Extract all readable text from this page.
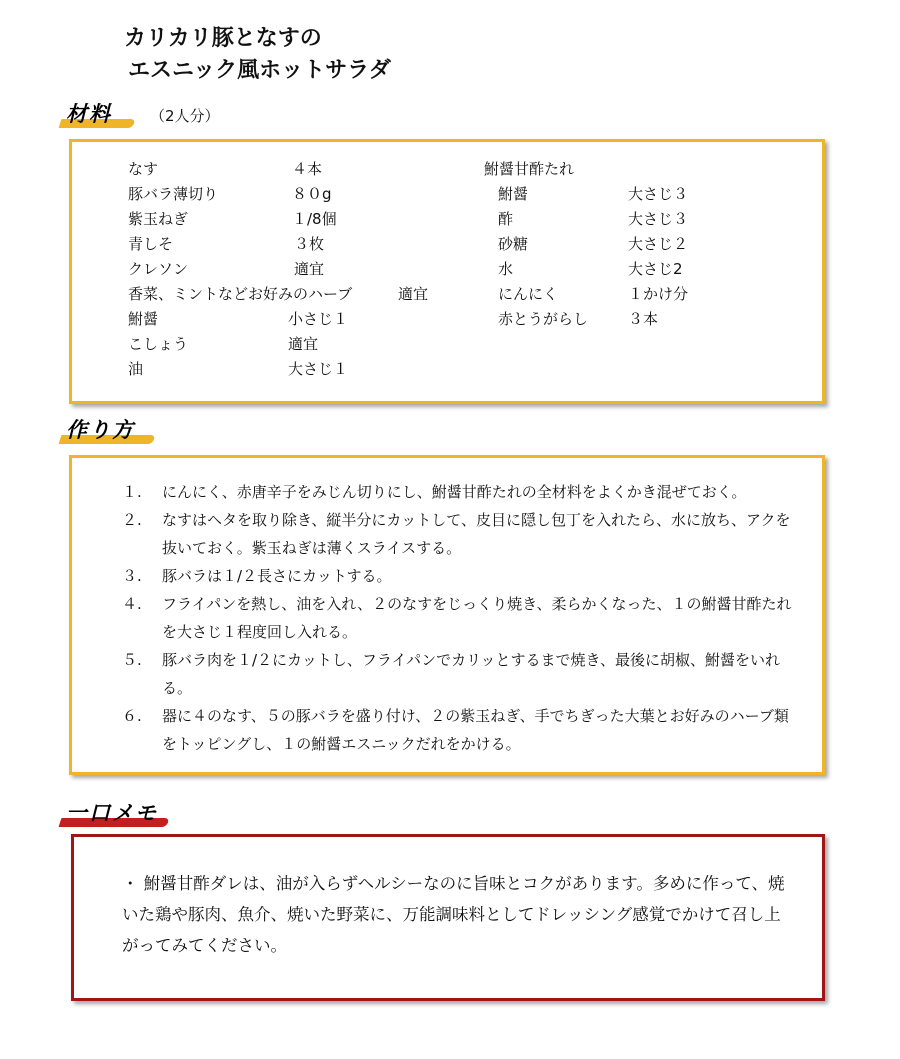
カリカリ豚となすの
エスニック風ホットサラダ
材料	（2人分）
なす	４本
豚バラ薄切り	８０g
紫玉ねぎ	１/8個
青しそ	３枚
クレソン	適宜
香菜、ミントなどお好みのハーブ	適宜
鮒醤	小さじ１
こしょう	適宜
油	大さじ１
鮒醤甘酢たれ
鮒醤	大さじ３
酢	大さじ３
砂糖	大さじ２
水	大さじ2
にんにく	１かけ分
赤とうがらし	３本
作り方
１.	にんにく、赤唐辛子をみじん切りにし、鮒醤甘酢たれの全材料をよくかき混ぜておく。
２.	なすはヘタを取り除き、縦半分にカットして、皮目に隠し包丁を入れたら、水に放ち、アクを抜いておく。紫玉ねぎは薄くスライスする。
３.	豚バラは１/２長さにカットする。
４.	フライパンを熱し、油を入れ、２のなすをじっくり焼き、柔らかくなった、１の鮒醤甘酢たれを大さじ１程度回し入れる。
５.	豚バラ肉を１/２にカットし、フライパンでカリッとするまで焼き、最後に胡椒、鮒醤をいれる。
６.	器に４のなす、５の豚バラを盛り付け、２の紫玉ねぎ、手でちぎった大葉とお好みのハーブ類をトッピングし、１の鮒醤エスニックだれをかける。
一口メモ
・ 鮒醤甘酢ダレは、油が入らずヘルシーなのに旨味とコクがあります。多めに作って、焼いた鶏や豚肉、魚介、焼いた野菜に、万能調味料としてドレッシング感覚でかけて召し上がってみてください。
